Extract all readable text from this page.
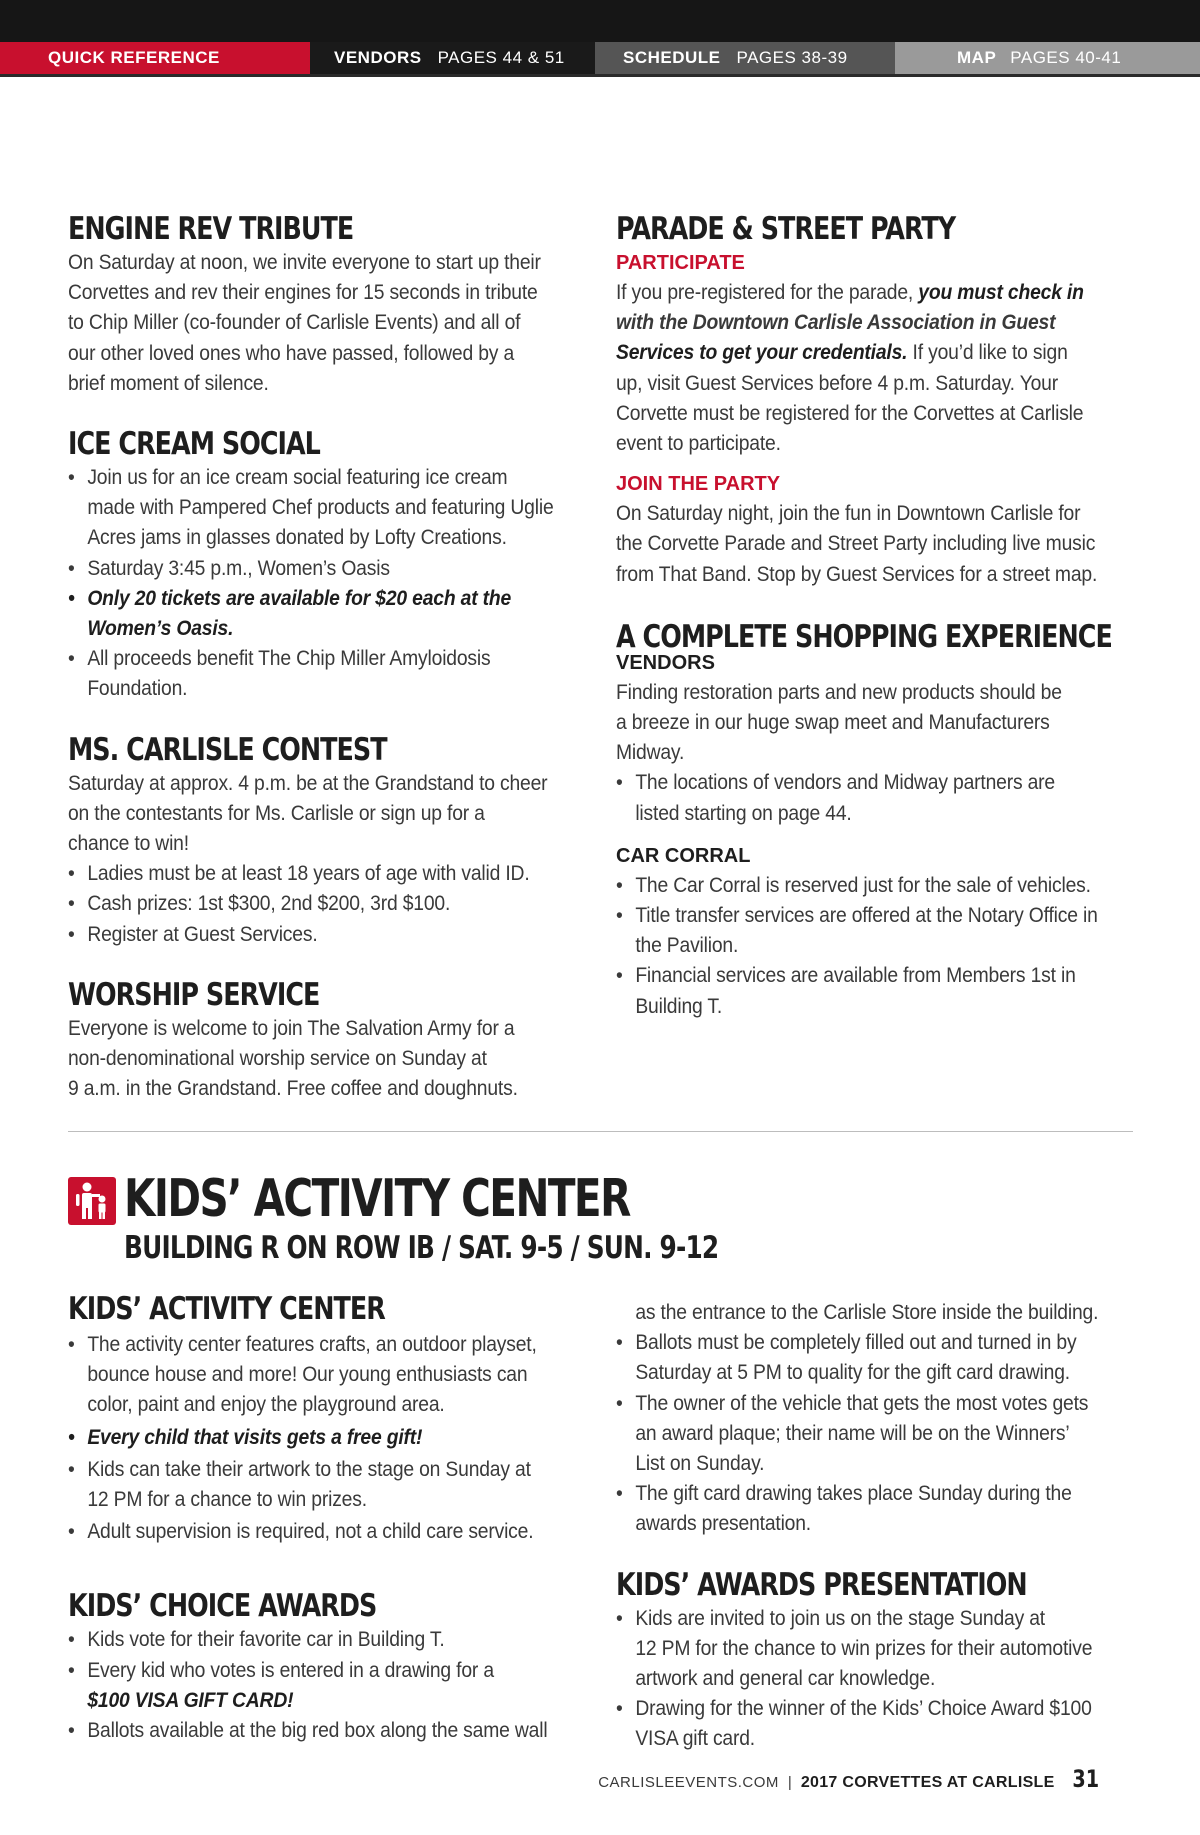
QUICK REFERENCE	VENDORS PAGES 44 & 51	SCHEDULE PAGES 38-39	MAP PAGES 40-41
ENGINE REV TRIBUTE

On Saturday at noon, we invite everyone to start up their

Corvettes and rev their engines for 15 seconds in tribute

to Chip Miller (co-founder of Carlisle Events) and all of

our other loved ones who have passed, followed by a

brief moment of silence.

ICE CREAM SOCIAL
• Join us for an ice cream social featuring ice cream
made with Pampered Chef products and featuring Uglie
Acres jams in glasses donated by Lofty Creations.
• Saturday 3:45 p.m., Women’s Oasis
• Only 20 tickets are available for $20 each at the
Women’s Oasis.
• All proceeds benefit The Chip Miller Amyloidosis
Foundation.
MS. CARLISLE CONTEST

Saturday at approx. 4 p.m. be at the Grandstand to cheer

on the contestants for Ms. Carlisle or sign up for a

chance to win!

• Ladies must be at least 18 years of age with valid ID.
• Cash prizes: 1st $300, 2nd $200, 3rd $100.
• Register at Guest Services.
WORSHIP SERVICE

Everyone is welcome to join The Salvation Army for a

non-denominational worship service on Sunday at

9 a.m. in the Grandstand. Free coffee and doughnuts.

PARADE & STREET PARTY

PARTICIPATE

If you pre-registered for the parade, you must check in

with the Downtown Carlisle Association in Guest

Services to get your credentials. If you’d like to sign

up, visit Guest Services before 4 p.m. Saturday. Your

Corvette must be registered for the Corvettes at Carlisle

event to participate.

JOIN THE PARTY

On Saturday night, join the fun in Downtown Carlisle for

the Corvette Parade and Street Party including live music

from That Band. Stop by Guest Services for a street map.

A COMPLETE SHOPPING EXPERIENCE

VENDORS

Finding restoration parts and new products should be

a breeze in our huge swap meet and Manufacturers

Midway.

• The locations of vendors and Midway partners are
listed starting on page 44.

CAR CORRAL

• The Car Corral is reserved just for the sale of vehicles.
• Title transfer services are offered at the Notary Office in
the Pavilion.
• Financial services are available from Members 1st in
Building T.
KIDS’ ACTIVITY CENTER

BUILDING R ON ROW IB / SAT. 9-5 / SUN. 9-12

KIDS’ ACTIVITY CENTER
• The activity center features crafts, an outdoor playset,
bounce house and more! Our young enthusiasts can
color, paint and enjoy the playground area.
• Every child that visits gets a free gift!
• Kids can take their artwork to the stage on Sunday at
12 PM for a chance to win prizes.
• Adult supervision is required, not a child care service.
KIDS’ CHOICE AWARDS
• Kids vote for their favorite car in Building T.
• Every kid who votes is entered in a drawing for a
$100 VISA GIFT CARD!
• Ballots available at the big red box along the same wall

as the entrance to the Carlisle Store inside the building.

• Ballots must be completely filled out and turned in by
Saturday at 5 PM to quality for the gift card drawing.
• The owner of the vehicle that gets the most votes gets
an award plaque; their name will be on the Winners’
List on Sunday.
• The gift card drawing takes place Sunday during the
awards presentation.
KIDS’ AWARDS PRESENTATION
• Kids are invited to join us on the stage Sunday at
12 PM for the chance to win prizes for their automotive
artwork and general car knowledge.
• Drawing for the winner of the Kids’ Choice Award $100
VISA gift card.
CARLISLEEVENTS.COM | 2017 CORVETTES AT CARLISLE 31
